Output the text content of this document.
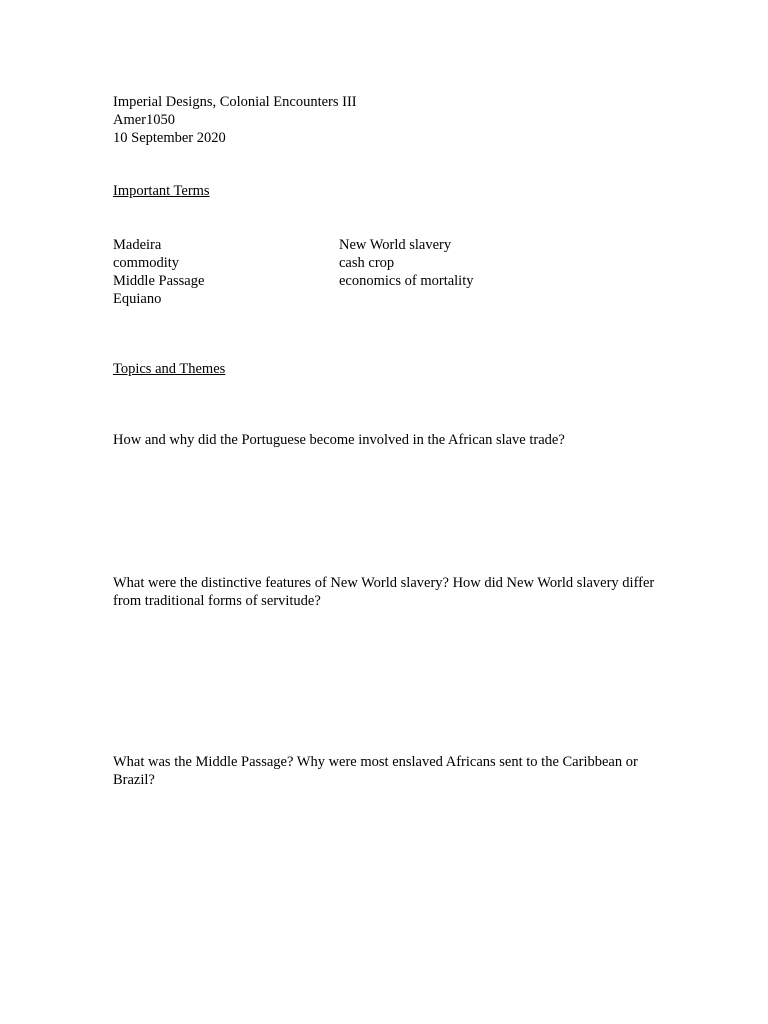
Imperial Designs, Colonial Encounters III
Amer1050
10 September 2020
Important Terms
Madeira
commodity
Middle Passage
Equiano
New World slavery
cash crop
economics of mortality
Topics and Themes
How and why did the Portuguese become involved in the African slave trade?
What were the distinctive features of New World slavery? How did New World slavery differ from traditional forms of servitude?
What was the Middle Passage? Why were most enslaved Africans sent to the Caribbean or Brazil?
